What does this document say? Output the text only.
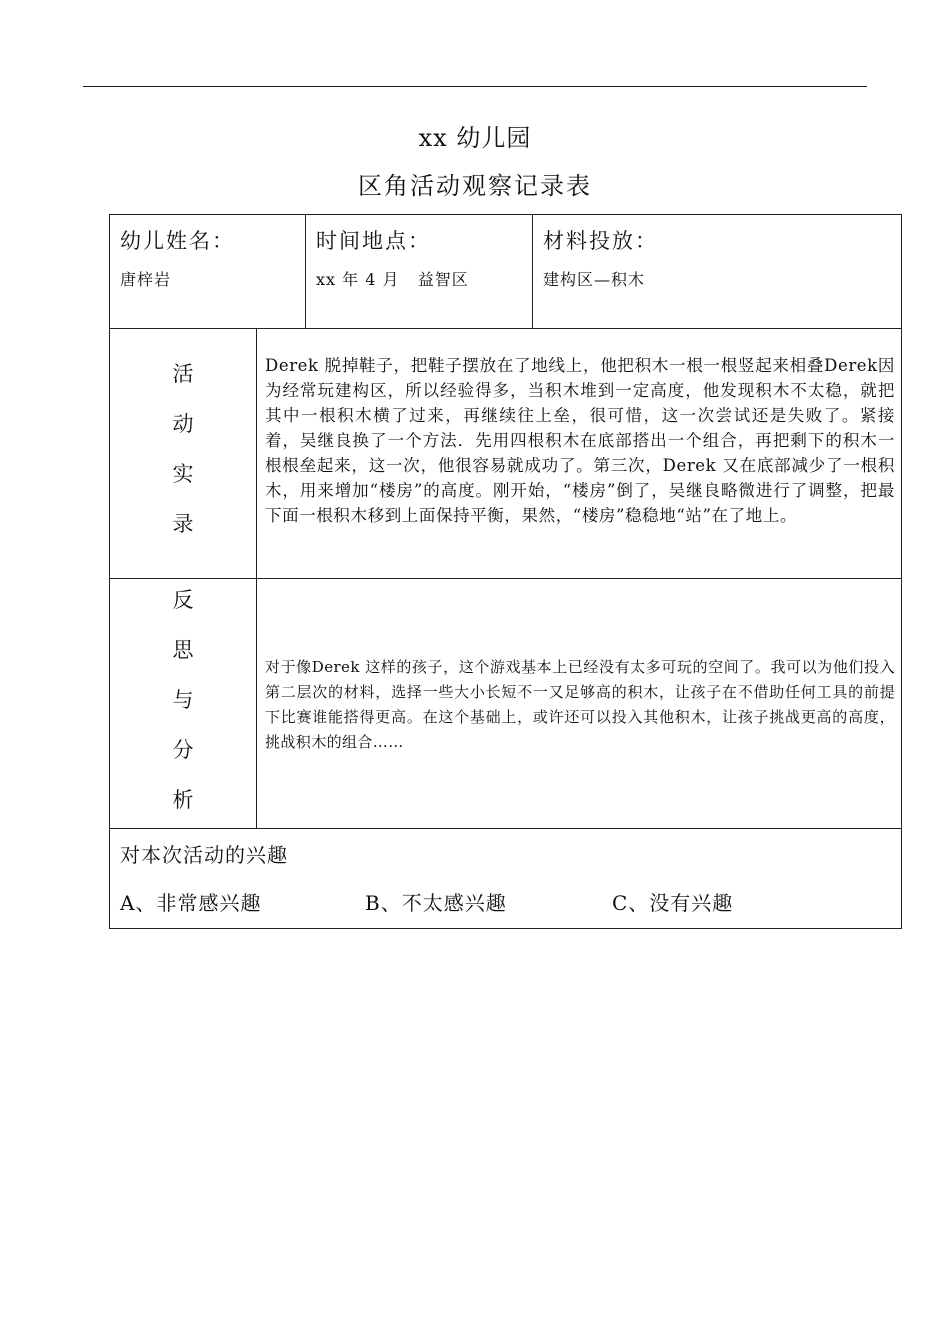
xx 幼儿园
区角活动观察记录表
幼儿姓名：
唐梓岩
时间地点：
xx 年 4 月   益智区
材料投放：
建构区—积木
活
动
实
录
Derek 脱掉鞋子，把鞋子摆放在了地线上，他把积木一根一根竖起来相叠Derek因为经常玩建构区，所以经验得多，当积木堆到一定高度，他发现积木不太稳，就把其中一根积木横了过来，再继续往上垒，很可惜，这一次尝试还是失败了。紧接着，吴继良换了一个方法．先用四根积木在底部搭出一个组合，再把剩下的积木一根根垒起来，这一次，他很容易就成功了。第三次，Derek 又在底部减少了一根积木，用来增加“楼房”的高度。刚开始，“楼房”倒了，吴继良略微进行了调整，把最下面一根积木移到上面保持平衡，果然，“楼房”稳稳地“站”在了地上。
反
思
与
分
析
对于像Derek 这样的孩子，这个游戏基本上已经没有太多可玩的空间了。我可以为他们投入第二层次的材料，选择一些大小长短不一又足够高的积木，让孩子在不借助任何工具的前提下比赛谁能搭得更高。在这个基础上，或许还可以投入其他积木，让孩子挑战更高的高度，挑战积木的组合……
对本次活动的兴趣
A、非常感兴趣	B、不太感兴趣	C、没有兴趣
